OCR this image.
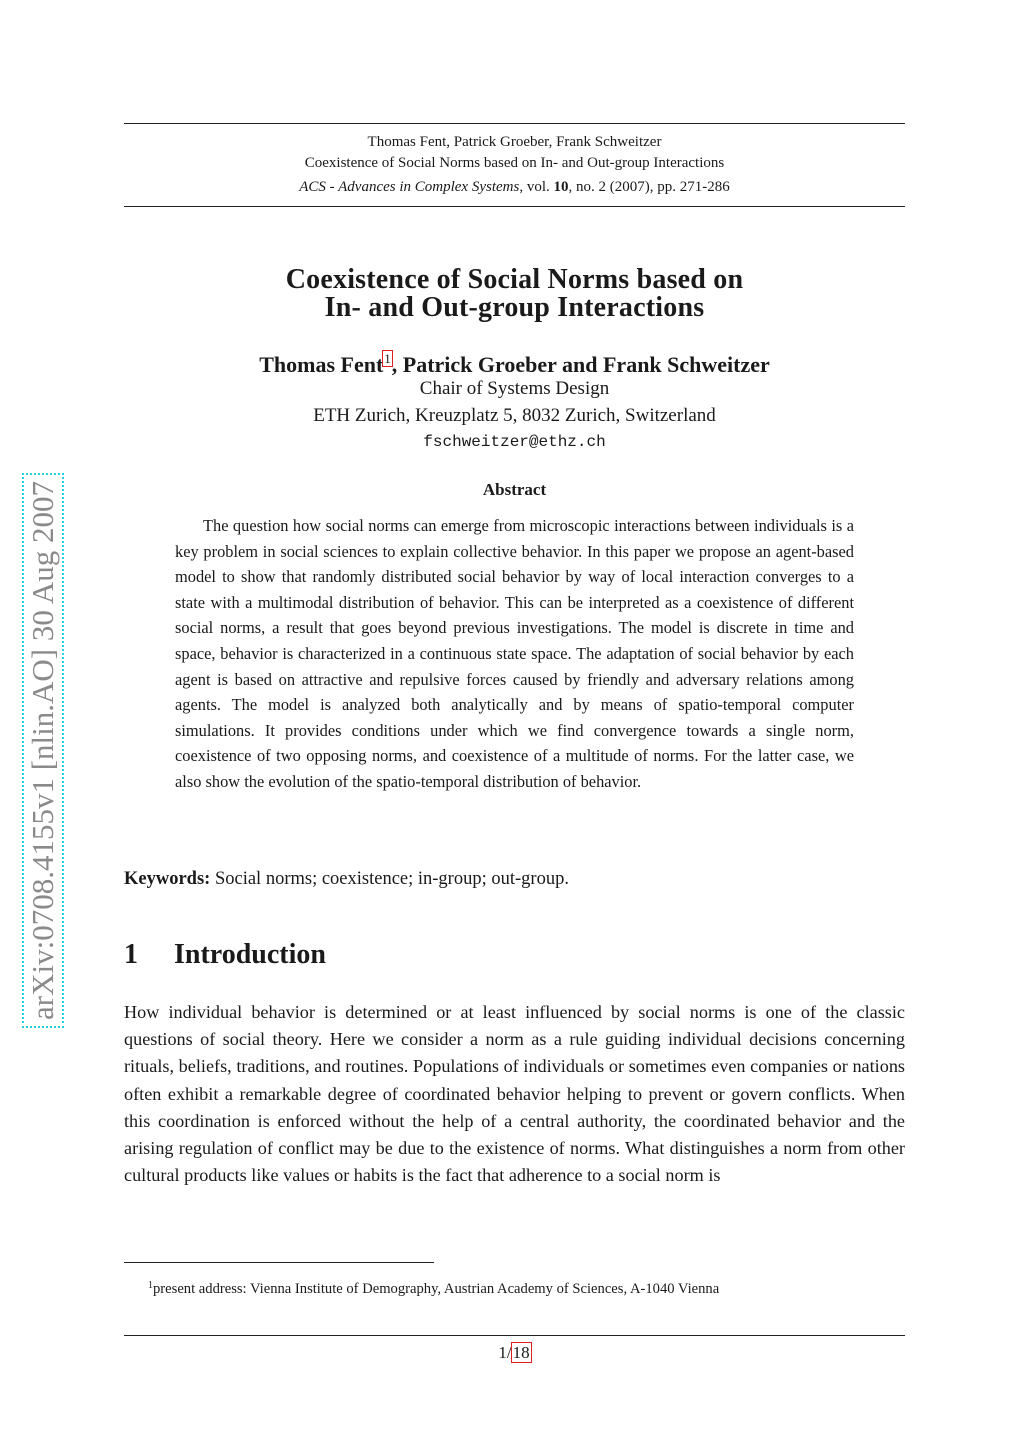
Thomas Fent, Patrick Groeber, Frank Schweitzer
Coexistence of Social Norms based on In- and Out-group Interactions
ACS - Advances in Complex Systems, vol. 10, no. 2 (2007), pp. 271-286
Coexistence of Social Norms based on
In- and Out-group Interactions
Thomas Fent$^1$, Patrick Groeber and Frank Schweitzer
Chair of Systems Design
ETH Zurich, Kreuzplatz 5, 8032 Zurich, Switzerland
fschweitzer@ethz.ch
Abstract

The question how social norms can emerge from microscopic interactions between individuals is a key problem in social sciences to explain collective behavior. In this paper we propose an agent-based model to show that randomly distributed social behavior by way of local interaction converges to a state with a multimodal distribution of behavior. This can be interpreted as a coexistence of different social norms, a result that goes beyond previous investigations. The model is discrete in time and space, behavior is characterized in a continuous state space. The adaptation of social behavior by each agent is based on attractive and repulsive forces caused by friendly and adversary relations among agents. The model is analyzed both analytically and by means of spatio-temporal computer simulations. It provides conditions under which we find convergence towards a single norm, coexistence of two opposing norms, and coexistence of a multitude of norms. For the latter case, we also show the evolution of the spatio-temporal distribution of behavior.

Keywords: Social norms; coexistence; in-group; out-group.
1 Introduction

How individual behavior is determined or at least influenced by social norms is one of the classic questions of social theory. Here we consider a norm as a rule guiding individual decisions concerning rituals, beliefs, traditions, and routines. Populations of individuals or sometimes even companies or nations often exhibit a remarkable degree of coordinated behavior helping to prevent or govern conflicts. When this coordination is enforced without the help of a central authority, the coordinated behavior and the arising regulation of conflict may be due to the existence of norms. What distinguishes a norm from other cultural products like values or habits is the fact that adherence to a social norm is

$^1$present address: Vienna Institute of Demography, Austrian Academy of Sciences, A-1040 Vienna
1/18
arXiv:0708.4155v1 [nlin.AO] 30 Aug 2007
